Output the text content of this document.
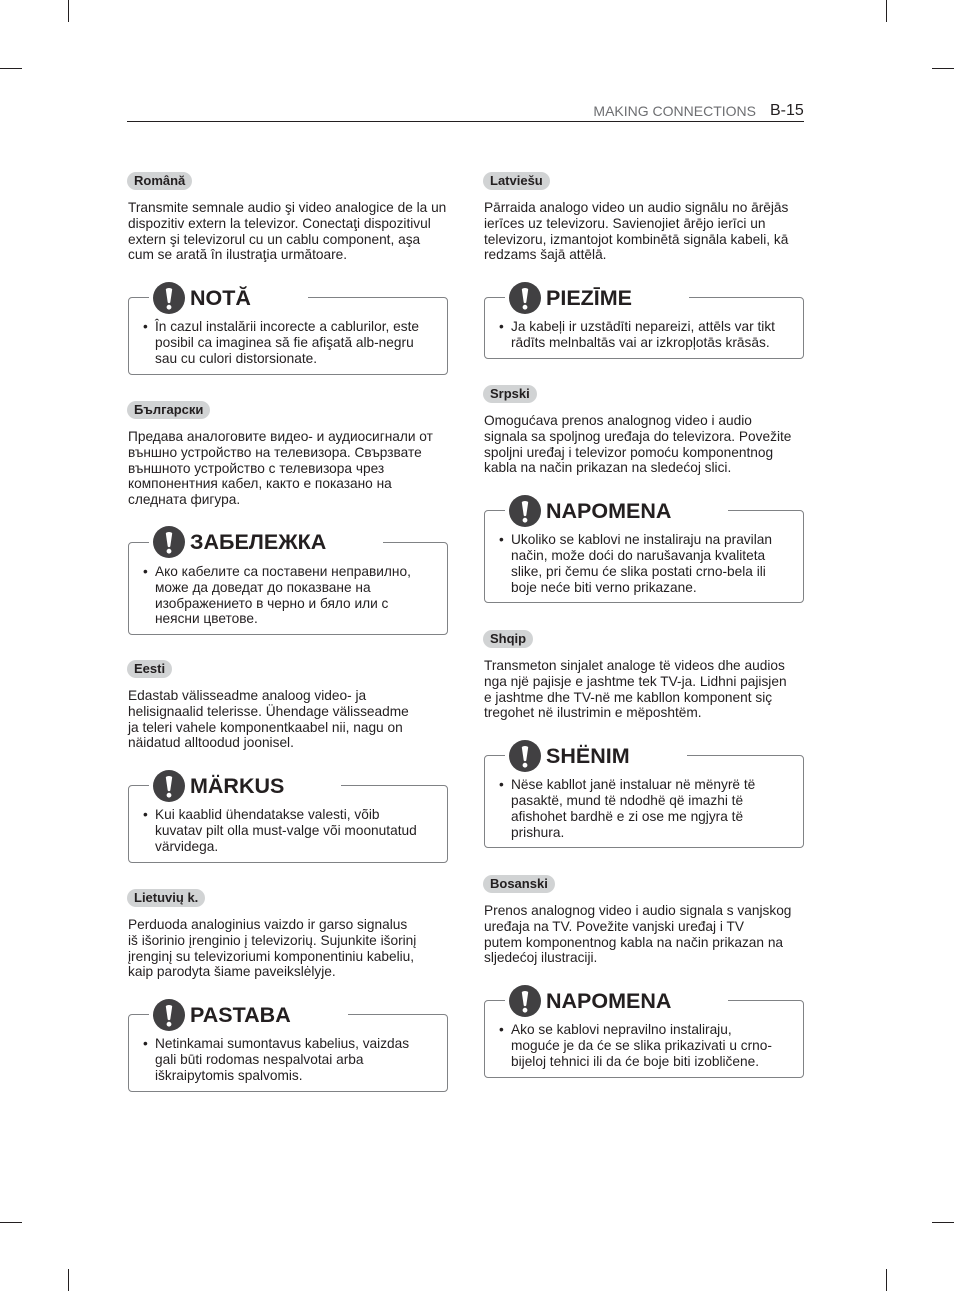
MAKING CONNECTIONS B-15
Română
Transmite semnale audio şi video analogice de la un
dispozitiv extern la televizor. Conectaţi dispozitivul
extern şi televizorul cu un cablu component, aşa
cum se arată în ilustraţia următoare.
NOTĂ
• În cazul instalării incorecte a cablurilor, este
posibil ca imaginea să fie afişată alb-negru
sau cu culori distorsionate.
Български
Предава аналоговите видео- и аудиосигнали от
външно устройство на телевизора. Свързвате
външното устройство с телевизора чрез
компонентния кабел, както е показано на
следната фигура.
ЗАБЕЛЕЖКА
• Ако кабелите са поставени неправилно,
може да доведат до показване на
изображението в черно и бяло или с
неясни цветове.
Eesti
Edastab välisseadme analoog video- ja
helisignaalid telerisse. Ühendage välisseadme
ja teleri vahele komponentkaabel nii, nagu on
näidatud alltoodud joonisel.
MÄRKUS
• Kui kaablid ühendatakse valesti, võib
kuvatav pilt olla must-valge või moonutatud
värvidega.
Lietuvių k.
Perduoda analoginius vaizdo ir garso signalus
iš išorinio įrenginio į televizorių. Sujunkite išorinį
įrenginį su televizoriumi komponentiniu kabeliu,
kaip parodyta šiame paveikslėlyje.
PASTABA
• Netinkamai sumontavus kabelius, vaizdas
gali būti rodomas nespalvotai arba
iškraipytomis spalvomis.
Latviešu
Pārraida analogo video un audio signālu no ārējās
ierīces uz televizoru. Savienojiet ārējo ierīci un
televizoru, izmantojot kombinētā signāla kabeli, kā
redzams šajā attēlā.
PIEZĪME
• Ja kabeļi ir uzstādīti nepareizi, attēls var tikt
rādīts melnbaltās vai ar izkropļotās krāsās.
Srpski
Omogućava prenos analognog video i audio
signala sa spoljnog uređaja do televizora. Povežite
spoljni uređaj i televizor pomoću komponentnog
kabla na način prikazan na sledećoj slici.
NAPOMENA
• Ukoliko se kablovi ne instaliraju na pravilan
način, može doći do narušavanja kvaliteta
slike, pri čemu će slika postati crno-bela ili
boje neće biti verno prikazane.
Shqip
Transmeton sinjalet analoge të videos dhe audios
nga një pajisje e jashtme tek TV-ja. Lidhni pajisjen
e jashtme dhe TV-në me kabllon komponent siç
tregohet në ilustrimin e mëposhtëm.
SHËNIM
• Nëse kabllot janë instaluar në mënyrë të
pasaktë, mund të ndodhë që imazhi të
afishohet bardhë e zi ose me ngjyra të
prishura.
Bosanski
Prenos analognog video i audio signala s vanjskog
uređaja na TV. Povežite vanjski uređaj i TV
putem komponentnog kabla na način prikazan na
sljedećoj ilustraciji.
NAPOMENA
• Ako se kablovi nepravilno instaliraju,
moguće je da će se slika prikazivati u crno-
bijeloj tehnici ili da će boje biti izobličene.
